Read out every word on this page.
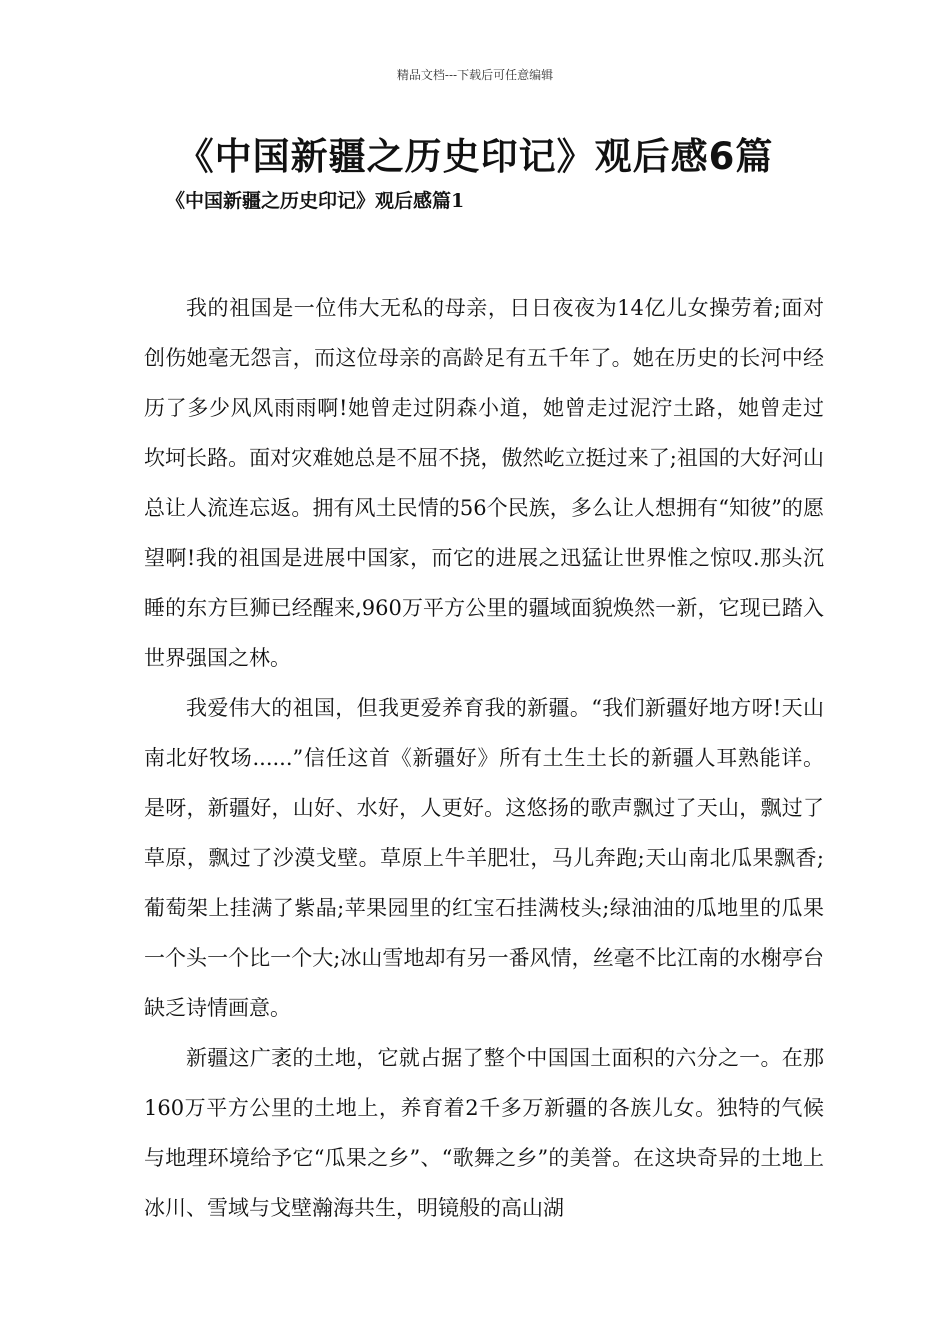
精品文档---下载后可任意编辑
《中国新疆之历史印记》观后感6篇
《中国新疆之历史印记》观后感篇1

我的祖国是一位伟大无私的母亲，日日夜夜为14亿儿女操劳着;面对创伤她毫无怨言，而这位母亲的高龄足有五千年了。她在历史的长河中经历了多少风风雨雨啊!她曾走过阴森小道，她曾走过泥泞土路，她曾走过坎坷长路。面对灾难她总是不屈不挠，傲然屹立挺过来了;祖国的大好河山总让人流连忘返。拥有风土民情的56个民族，多么让人想拥有“知彼”的愿望啊!我的祖国是进展中国家，而它的进展之迅猛让世界惟之惊叹.那头沉睡的东方巨狮已经醒来,960万平方公里的疆域面貌焕然一新，它现已踏入世界强国之林。

我爱伟大的祖国，但我更爱养育我的新疆。“我们新疆好地方呀!天山南北好牧场......”信任这首《新疆好》所有土生土长的新疆人耳熟能详。是呀，新疆好，山好、水好，人更好。这悠扬的歌声飘过了天山，飘过了草原，飘过了沙漠戈壁。草原上牛羊肥壮，马儿奔跑;天山南北瓜果飘香;葡萄架上挂满了紫晶;苹果园里的红宝石挂满枝头;绿油油的瓜地里的瓜果一个头一个比一个大;冰山雪地却有另一番风情，丝毫不比江南的水榭亭台缺乏诗情画意。

新疆这广袤的土地，它就占据了整个中国国土面积的六分之一。在那160万平方公里的土地上，养育着2千多万新疆的各族儿女。独特的气候与地理环境给予它“瓜果之乡”、“歌舞之乡”的美誉。在这块奇异的土地上冰川、雪域与戈壁瀚海共生，明镜般的高山湖
